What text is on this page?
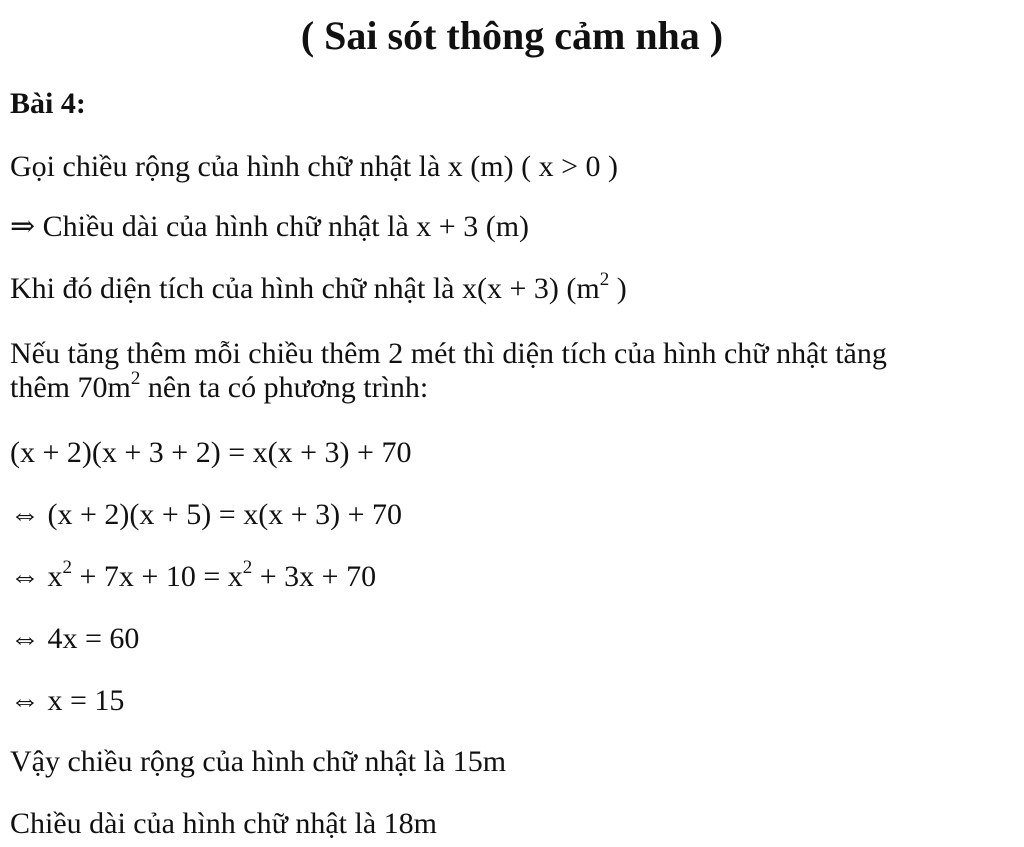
( Sai sót thông cảm nha )
Bài 4:
Gọi chiều rộng của hình chữ nhật là x (m) ( x > 0 )
⇒ Chiều dài của hình chữ nhật là x + 3 (m)
Khi đó diện tích của hình chữ nhật là x(x + 3) ($m^2$ )
Nếu tăng thêm mỗi chiều thêm 2 mét thì diện tích của hình chữ nhật tăng
thêm $70m^2$ nên ta có phương trình:
(x + 2)(x + 3 + 2) = x(x + 3) + 70
⇔ (x + 2)(x + 5) = x(x + 3) + 70
⇔ $x^2 + 7x + 10 = x^2 + 3x + 70$
⇔ 4x = 60
⇔ x = 15
Vậy chiều rộng của hình chữ nhật là 15m
Chiều dài của hình chữ nhật là 18m
